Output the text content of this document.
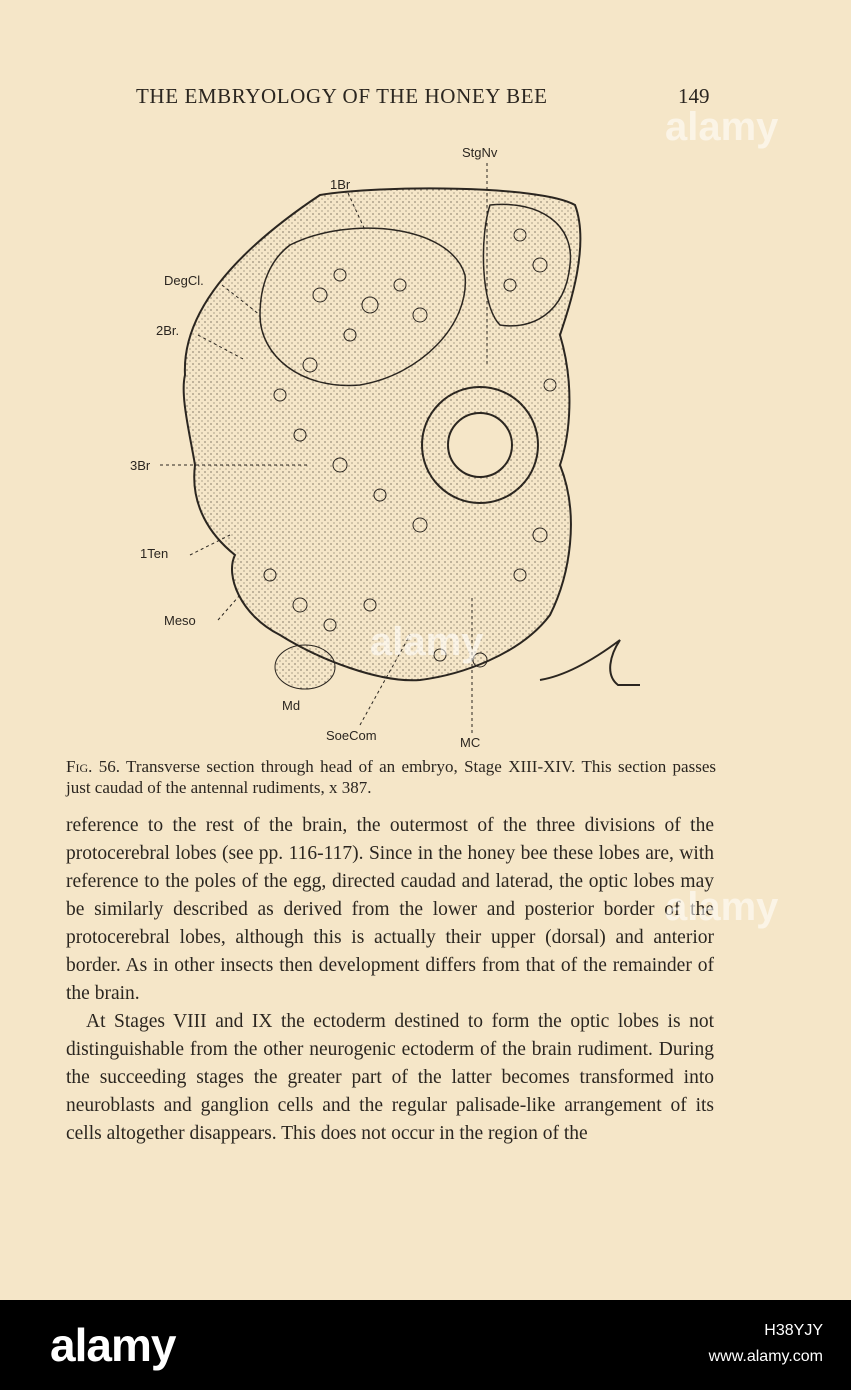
THE EMBRYOLOGY OF THE HONEY BEE	149
StgNv
1Br
DegCl.
2Br.
3Br
1Ten
Meso
Md
SoeCom	MC
Fig. 56. Transverse section through head of an embryo, Stage XIII-XIV. This section passes just caudad of the antennal rudiments, x 387.

reference to the rest of the brain, the outermost of the three divisions of the protocerebral lobes (see pp. 116-117). Since in the honey bee these lobes are, with reference to the poles of the egg, directed caudad and laterad, the optic lobes may be similarly described as derived from the lower and posterior border of the protocerebral lobes, although this is actually their upper (dorsal) and anterior border. As in other insects then development differs from that of the remainder of the brain.

At Stages VIII and IX the ectoderm destined to form the optic lobes is not distinguishable from the other neurogenic ectoderm of the brain rudiment. During the succeeding stages the greater part of the latter becomes transformed into neuroblasts and ganglion cells and the regular palisade-like arrangement of its cells altogether disappears. This does not occur in the region of the

alamy
alamy
alamy
alamy	H38YJY
www.alamy.com
